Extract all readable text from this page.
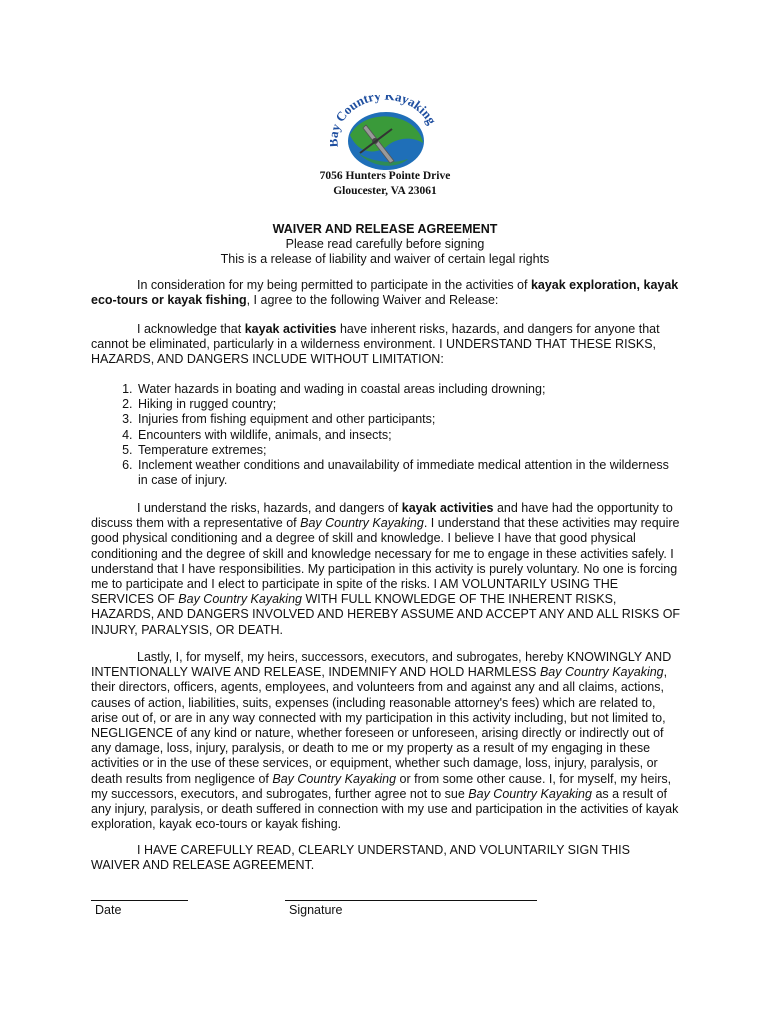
Country Kayaking
7056 Hunters Pointe Drive
Gloucester, VA 23061
WAIVER AND RELEASE AGREEMENT
Please read carefully before signing
This is a release of liability and waiver of certain legal rights

In consideration for my being permitted to participate in the activities of kayak exploration, kayak eco-tours or kayak fishing, I agree to the following Waiver and Release:

I acknowledge that kayak activities have inherent risks, hazards, and dangers for anyone that cannot be eliminated, particularly in a wilderness environment. I UNDERSTAND THAT THESE RISKS, HAZARDS, AND DANGERS INCLUDE WITHOUT LIMITATION:

1. Water hazards in boating and wading in coastal areas including drowning;
2. Hiking in rugged country;
3. Injuries from fishing equipment and other participants;
4. Encounters with wildlife, animals, and insects;
5. Temperature extremes;
6. Inclement weather conditions and unavailability of immediate medical attention in the wilderness in case of injury.

I understand the risks, hazards, and dangers of kayak activities and have had the opportunity to discuss them with a representative of Bay Country Kayaking. I understand that these activities may require good physical conditioning and a degree of skill and knowledge. I believe I have that good physical conditioning and the degree of skill and knowledge necessary for me to engage in these activities safely. I understand that I have responsibilities. My participation in this activity is purely voluntary. No one is forcing me to participate and I elect to participate in spite of the risks. I AM VOLUNTARILY USING THE SERVICES OF Bay Country Kayaking WITH FULL KNOWLEDGE OF THE INHERENT RISKS, HAZARDS, AND DANGERS INVOLVED AND HEREBY ASSUME AND ACCEPT ANY AND ALL RISKS OF INJURY, PARALYSIS, OR DEATH.

Lastly, I, for myself, my heirs, successors, executors, and subrogates, hereby KNOWINGLY AND INTENTIONALLY WAIVE AND RELEASE, INDEMNIFY AND HOLD HARMLESS Bay Country Kayaking, their directors, officers, agents, employees, and volunteers from and against any and all claims, actions, causes of action, liabilities, suits, expenses (including reasonable attorney's fees) which are related to, arise out of, or are in any way connected with my participation in this activity including, but not limited to, NEGLIGENCE of any kind or nature, whether foreseen or unforeseen, arising directly or indirectly out of any damage, loss, injury, paralysis, or death to me or my property as a result of my engaging in these activities or in the use of these services, or equipment, whether such damage, loss, injury, paralysis, or death results from negligence of Bay Country Kayaking or from some other cause. I, for myself, my heirs, my successors, executors, and subrogates, further agree not to sue Bay Country Kayaking as a result of any injury, paralysis, or death suffered in connection with my use and participation in the activities of kayak exploration, kayak eco-tours or kayak fishing.

I HAVE CAREFULLY READ, CLEARLY UNDERSTAND, AND VOLUNTARILY SIGN THIS WAIVER AND RELEASE AGREEMENT.

Date	Signature
